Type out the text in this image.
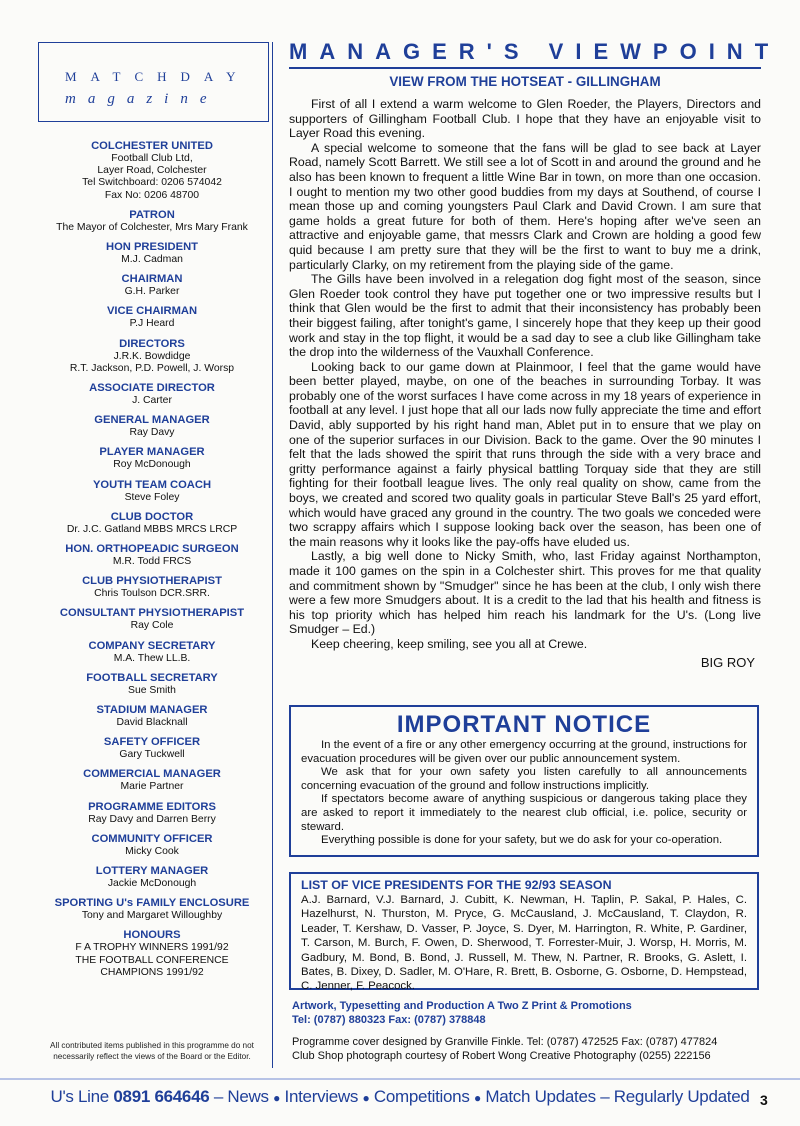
MATCHDAY
magazine
COLCHESTER UNITED
Football Club Ltd,
Layer Road, Colchester
Tel Switchboard: 0206 574042
Fax No: 0206 48700
PATRON
The Mayor of Colchester, Mrs Mary Frank
HON PRESIDENT
M.J. Cadman
CHAIRMAN
G.H. Parker
VICE CHAIRMAN
P.J Heard
DIRECTORS
J.R.K. Bowdidge
R.T. Jackson, P.D. Powell, J. Worsp
ASSOCIATE DIRECTOR
J. Carter
GENERAL MANAGER
Ray Davy
PLAYER MANAGER
Roy McDonough
YOUTH TEAM COACH
Steve Foley
CLUB DOCTOR
Dr. J.C. Gatland MBBS MRCS LRCP
HON. ORTHOPEADIC SURGEON
M.R. Todd FRCS
CLUB PHYSIOTHERAPIST
Chris Toulson DCR.SRR.
CONSULTANT PHYSIOTHERAPIST
Ray Cole
COMPANY SECRETARY
M.A. Thew LL.B.
FOOTBALL SECRETARY
Sue Smith
STADIUM MANAGER
David Blacknall
SAFETY OFFICER
Gary Tuckwell
COMMERCIAL MANAGER
Marie Partner
PROGRAMME EDITORS
Ray Davy and Darren Berry
COMMUNITY OFFICER
Micky Cook
LOTTERY MANAGER
Jackie McDonough
SPORTING U's FAMILY ENCLOSURE
Tony and Margaret Willoughby
HONOURS
F A TROPHY WINNERS 1991/92
THE FOOTBALL CONFERENCE
CHAMPIONS 1991/92
All contributed items published in this programme do not necessarily reflect the views of the Board or the Editor.
MANAGER'S VIEWPOINT
VIEW FROM THE HOTSEAT - GILLINGHAM

First of all I extend a warm welcome to Glen Roeder, the Players, Directors and supporters of Gillingham Football Club. I hope that they have an enjoyable visit to Layer Road this evening.

A special welcome to someone that the fans will be glad to see back at Layer Road, namely Scott Barrett. We still see a lot of Scott in and around the ground and he also has been known to frequent a little Wine Bar in town, on more than one occasion. I ought to mention my two other good buddies from my days at Southend, of course I mean those up and coming youngsters Paul Clark and David Crown. I am sure that game holds a great future for both of them. Here's hoping after we've seen an attractive and enjoyable game, that messrs Clark and Crown are holding a good few quid because I am pretty sure that they will be the first to want to buy me a drink, particularly Clarky, on my retirement from the playing side of the game.

The Gills have been involved in a relegation dog fight most of the season, since Glen Roeder took control they have put together one or two impressive results but I think that Glen would be the first to admit that their inconsistency has probably been their biggest failing, after tonight's game, I sincerely hope that they keep up their good work and stay in the top flight, it would be a sad day to see a club like Gillingham take the drop into the wilderness of the Vauxhall Conference.

Looking back to our game down at Plainmoor, I feel that the game would have been better played, maybe, on one of the beaches in surrounding Torbay. It was probably one of the worst surfaces I have come across in my 18 years of experience in football at any level. I just hope that all our lads now fully appreciate the time and effort David, ably supported by his right hand man, Ablet put in to ensure that we play on one of the superior surfaces in our Division. Back to the game. Over the 90 minutes I felt that the lads showed the spirit that runs through the side with a very brace and gritty performance against a fairly physical battling Torquay side that they are still fighting for their football league lives. The only real quality on show, came from the boys, we created and scored two quality goals in particular Steve Ball's 25 yard effort, which would have graced any ground in the country. The two goals we conceded were two scrappy affairs which I suppose looking back over the season, has been one of the main reasons why it looks like the pay-offs have eluded us.

Lastly, a big well done to Nicky Smith, who, last Friday against Northampton, made it 100 games on the spin in a Colchester shirt. This proves for me that quality and commitment shown by "Smudger" since he has been at the club, I only wish there were a few more Smudgers about. It is a credit to the lad that his health and fitness is his top priority which has helped him reach his landmark for the U's. (Long live Smudger – Ed.)

Keep cheering, keep smiling, see you all at Crewe.

BIG ROY
IMPORTANT NOTICE

In the event of a fire or any other emergency occurring at the ground, instructions for evacuation procedures will be given over our public announcement system.

We ask that for your own safety you listen carefully to all announcements concerning evacuation of the ground and follow instructions implicitly.

If spectators become aware of anything suspicious or dangerous taking place they are asked to report it immediately to the nearest club official, i.e. police, security or steward.

Everything possible is done for your safety, but we do ask for your co-operation.

LIST OF VICE PRESIDENTS FOR THE 92/93 SEASON
A.J. Barnard, V.J. Barnard, J. Cubitt, K. Newman, H. Taplin, P. Sakal, P. Hales, C. Hazelhurst, N. Thurston, M. Pryce, G. McCausland, J. McCausland, T. Claydon, R. Leader, T. Kershaw, D. Vasser, P. Joyce, S. Dyer, M. Harrington, R. White, P. Gardiner, T. Carson, M. Burch, F. Owen, D. Sherwood, T. Forrester-Muir, J. Worsp, H. Morris, M. Gadbury, M. Bond, B. Bond, J. Russell, M. Thew, N. Partner, R. Brooks, G. Aslett, I. Bates, B. Dixey, D. Sadler, M. O'Hare, R. Brett, B. Osborne, G. Osborne, D. Hempstead, C. Jenner, F. Peacock.
Artwork, Typesetting and Production A Two Z Print & Promotions
Tel: (0787) 880323 Fax: (0787) 378848
Programme cover designed by Granville Finkle. Tel: (0787) 472525 Fax: (0787) 477824
Club Shop photograph courtesy of Robert Wong Creative Photography (0255) 222156
U's Line 0891 664646 – News ● Interviews ● Competitions ● Match Updates – Regularly Updated 3
